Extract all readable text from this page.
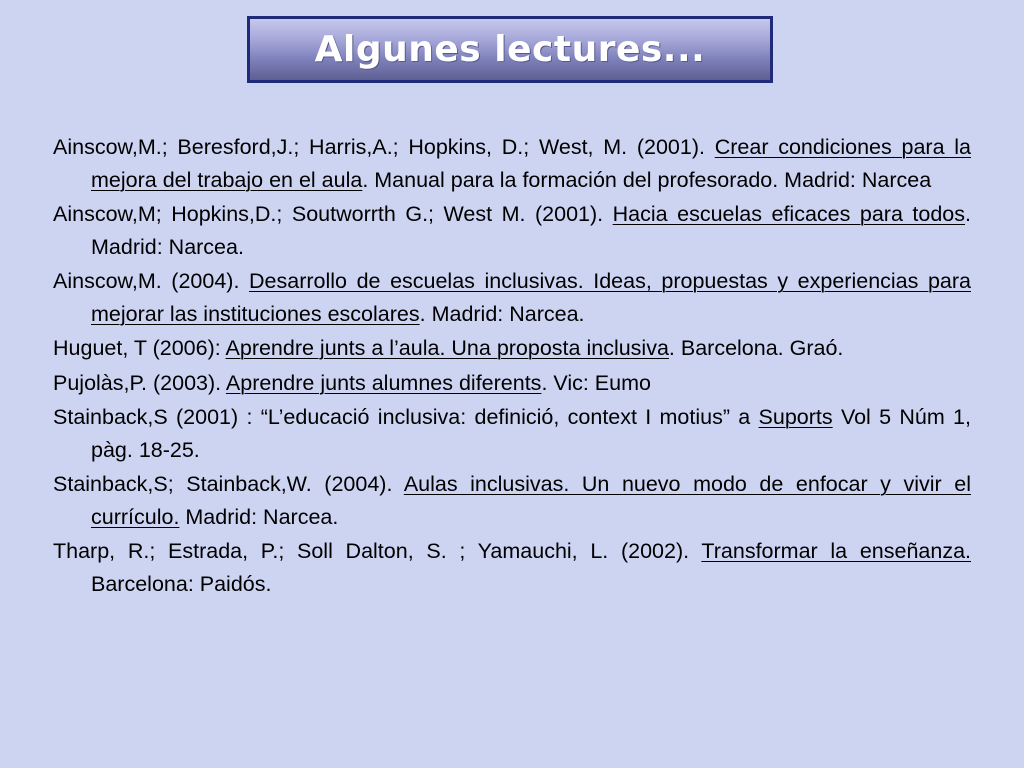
Algunes lectures...
Ainscow,M.; Beresford,J.; Harris,A.; Hopkins, D.; West, M. (2001). Crear condiciones para la mejora del trabajo en el aula. Manual para la formación del profesorado. Madrid: Narcea
Ainscow,M; Hopkins,D.; Soutworrth G.; West M. (2001). Hacia escuelas eficaces para todos. Madrid: Narcea.
Ainscow,M. (2004). Desarrollo de escuelas inclusivas. Ideas, propuestas y experiencias para mejorar las instituciones escolares. Madrid: Narcea.
Huguet, T (2006): Aprendre junts a l’aula. Una proposta inclusiva. Barcelona. Graó.
Pujolàs,P. (2003). Aprendre junts alumnes diferents. Vic: Eumo
Stainback,S (2001) : “L’educació inclusiva: definició, context I motius” a Suports Vol 5 Núm 1, pàg. 18-25.
Stainback,S; Stainback,W. (2004). Aulas inclusivas. Un nuevo modo de enfocar y vivir el currículo. Madrid: Narcea.
Tharp, R.; Estrada, P.; Soll Dalton, S. ; Yamauchi, L. (2002). Transformar la enseñanza. Barcelona: Paidós.
